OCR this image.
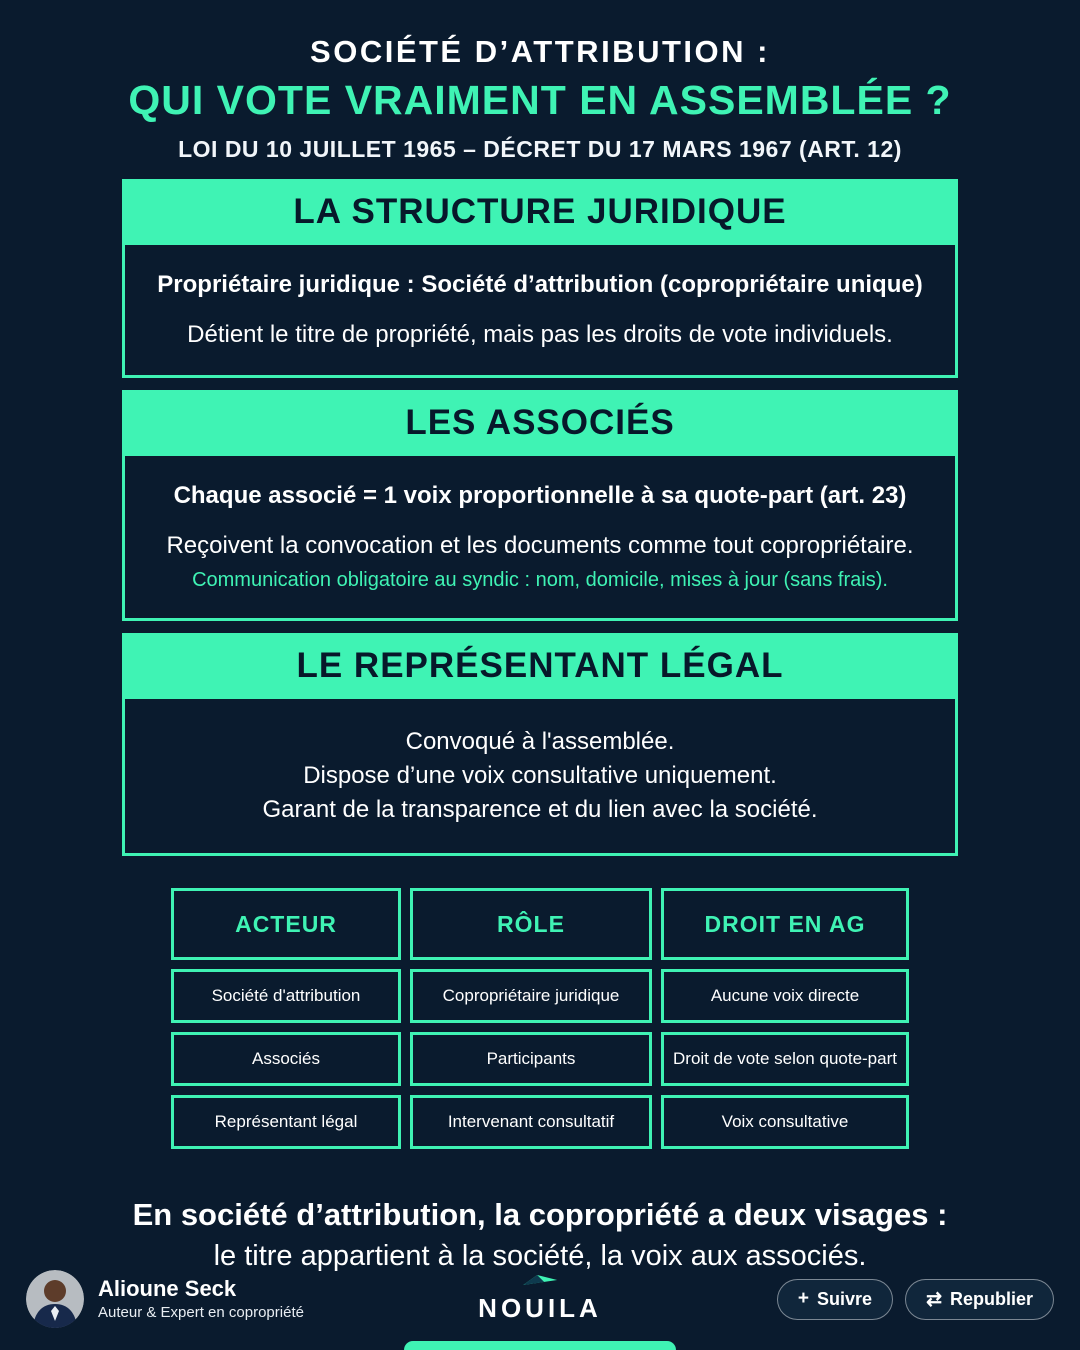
SOCIÉTÉ D’ATTRIBUTION :
QUI VOTE VRAIMENT EN ASSEMBLÉE ?
LOI DU 10 JUILLET 1965 – DÉCRET DU 17 MARS 1967 (ART. 12)
LA STRUCTURE JURIDIQUE

Propriétaire juridique : Société d’attribution (copropriétaire unique)

Détient le titre de propriété, mais pas les droits de vote individuels.

LES ASSOCIÉS

Chaque associé = 1 voix proportionnelle à sa quote-part (art. 23)

Reçoivent la convocation et les documents comme tout copropriétaire.

Communication obligatoire au syndic : nom, domicile, mises à jour (sans frais).

LE REPRÉSENTANT LÉGAL

Convoqué à l'assemblée.

Dispose d’une voix consultative uniquement.

Garant de la transparence et du lien avec la société.

ACTEUR	RÔLE	DROIT EN AG
Société d'attribution	Copropriétaire juridique	Aucune voix directe
Associés	Participants	Droit de vote selon quote-part
Représentant légal	Intervenant consultatif	Voix consultative
En société d’attribution, la copropriété a deux visages :
le titre appartient à la société, la voix aux associés.
Alioune Seck
Auteur & Expert en copropriété	NOUILA	+ Suivre	⇄ Republier
